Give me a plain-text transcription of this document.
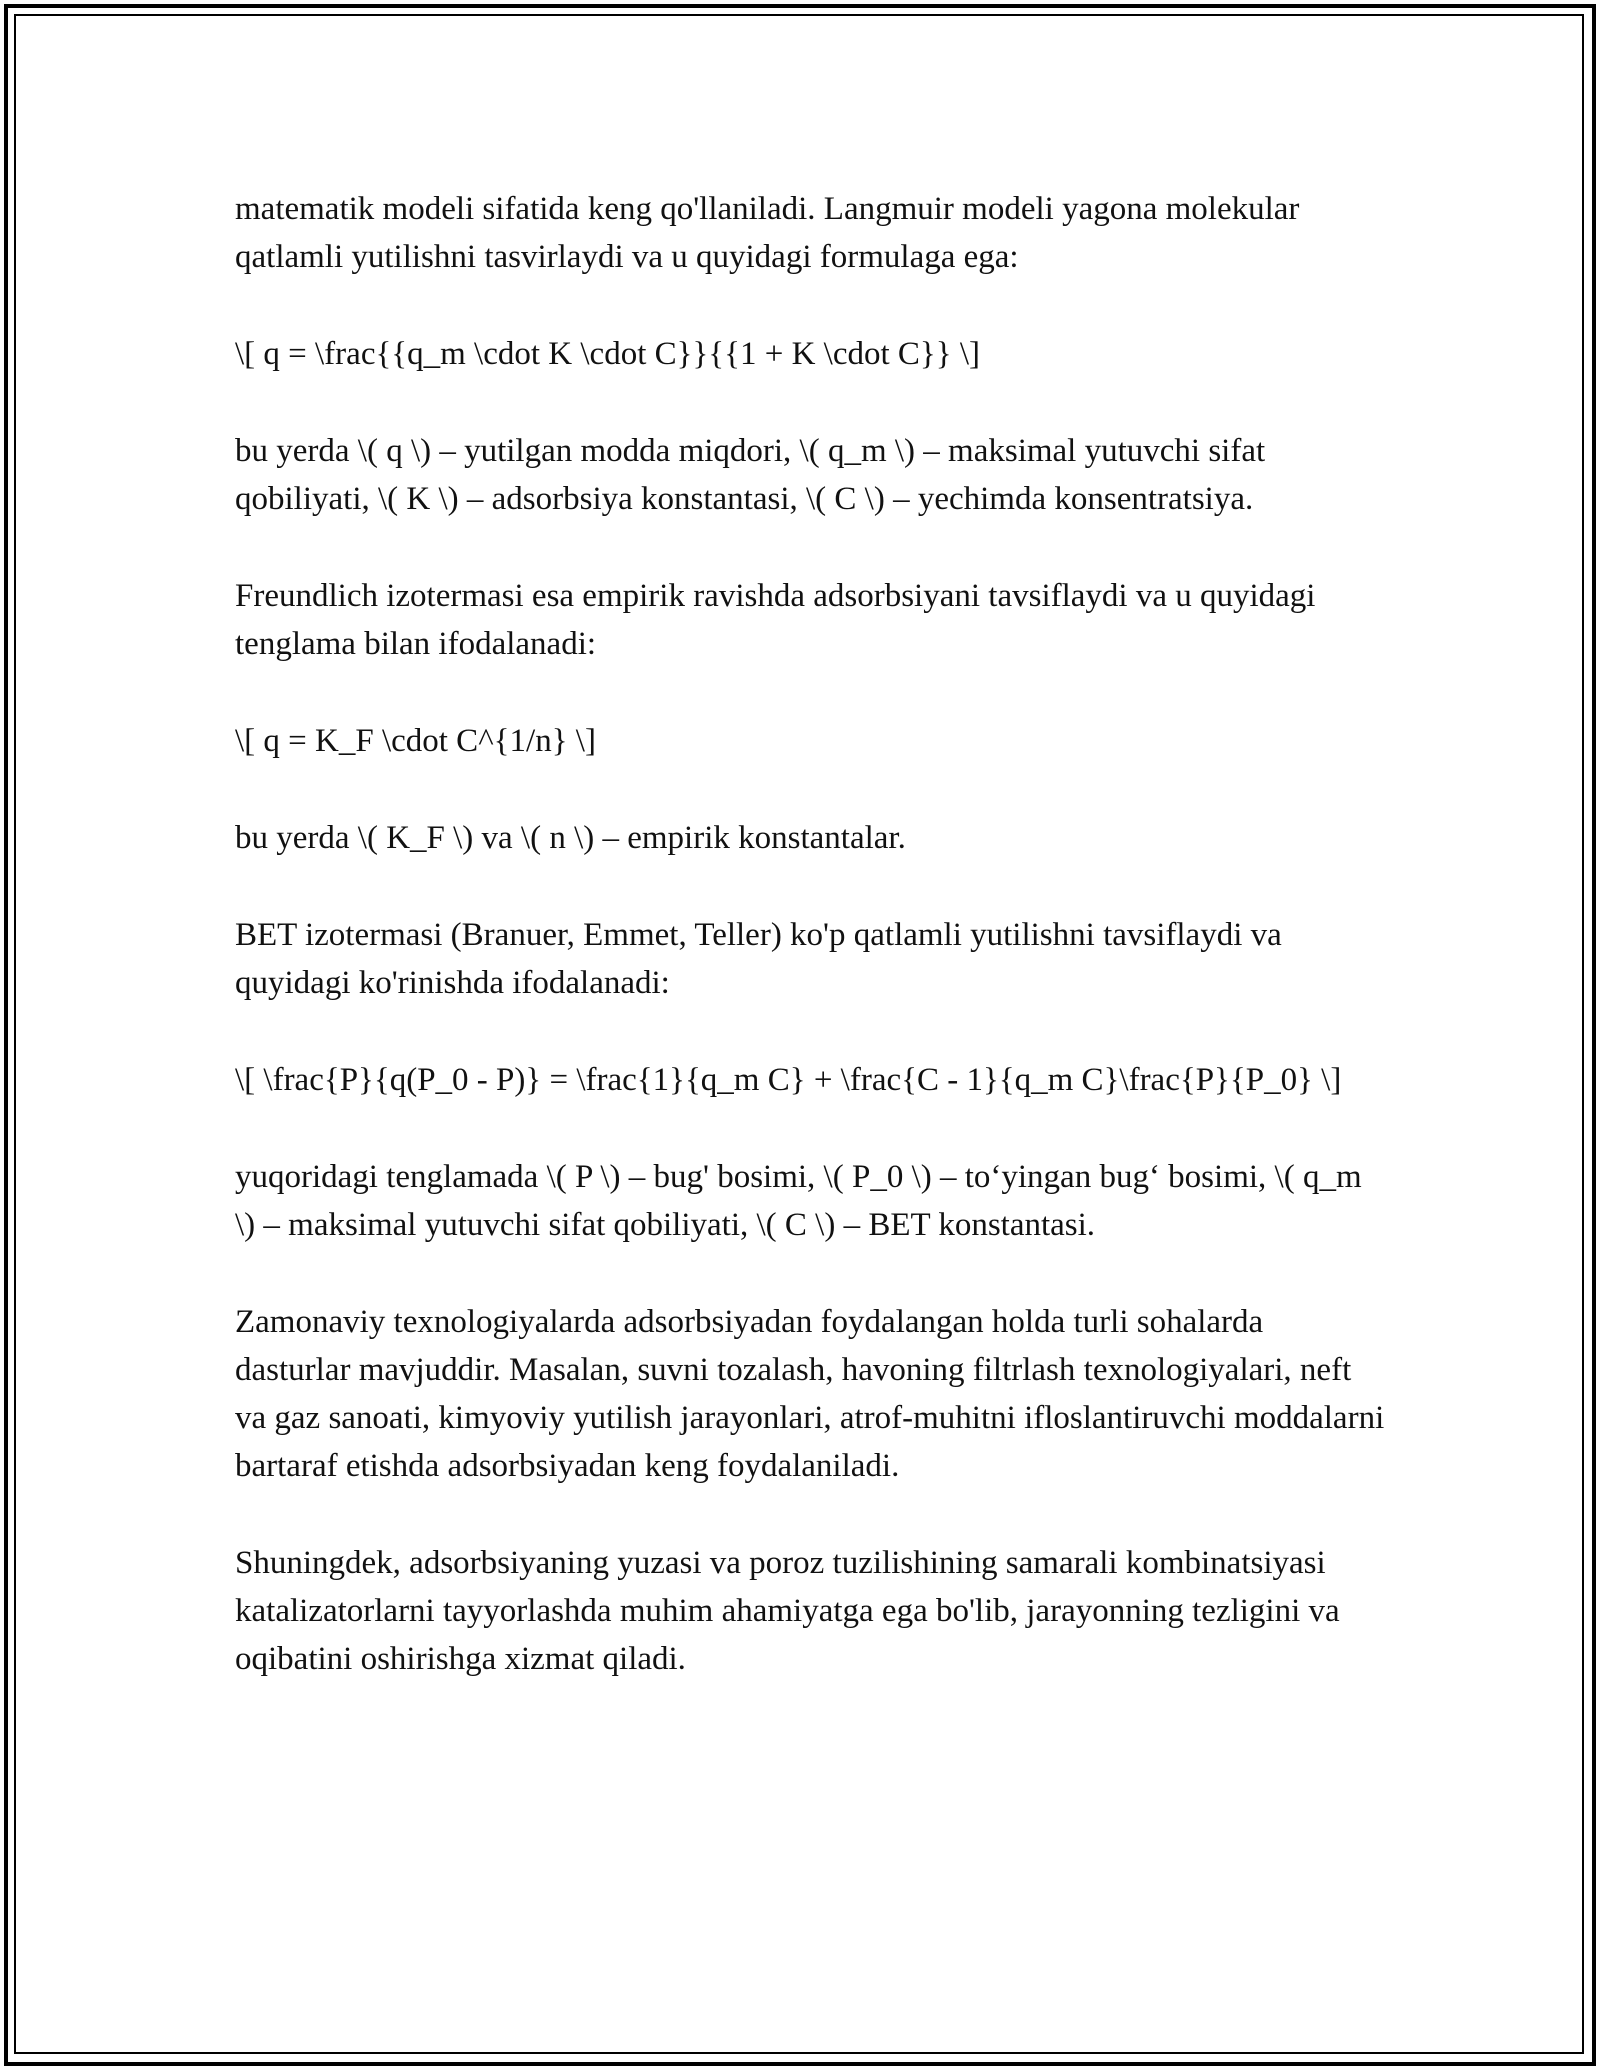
matematik modeli sifatida keng qo'llaniladi. Langmuir modeli yagona molekular qatlamli yutilishni tasvirlaydi va u quyidagi formulaga ega:

\[ q = \frac{{q_m \cdot K \cdot C}}{{1 + K \cdot C}} \]

bu yerda \( q \) – yutilgan modda miqdori, \( q_m \) – maksimal yutuvchi sifat qobiliyati, \( K \) – adsorbsiya konstantasi, \( C \) – yechimda konsentratsiya.

Freundlich izotermasi esa empirik ravishda adsorbsiyani tavsiflaydi va u quyidagi tenglama bilan ifodalanadi:

\[ q = K_F \cdot C^{1/n} \]

bu yerda \( K_F \) va \( n \) – empirik konstantalar.

BET izotermasi (Branuer, Emmet, Teller) ko'p qatlamli yutilishni tavsiflaydi va quyidagi ko'rinishda ifodalanadi:

\[ \frac{P}{q(P_0 - P)} = \frac{1}{q_m C} + \frac{C - 1}{q_m C}\frac{P}{P_0} \]

yuqoridagi tenglamada \( P \) – bug' bosimi, \( P_0 \) – to‘yingan bug‘ bosimi, \( q_m \) – maksimal yutuvchi sifat qobiliyati, \( C \) – BET konstantasi.

Zamonaviy texnologiyalarda adsorbsiyadan foydalangan holda turli sohalarda dasturlar mavjuddir. Masalan, suvni tozalash, havoning filtrlash texnologiyalari, neft va gaz sanoati, kimyoviy yutilish jarayonlari, atrof-muhitni ifloslantiruvchi moddalarni bartaraf etishda adsorbsiyadan keng foydalaniladi.

Shuningdek, adsorbsiyaning yuzasi va poroz tuzilishining samarali kombinatsiyasi katalizatorlarni tayyorlashda muhim ahamiyatga ega bo'lib, jarayonning tezligini va oqibatini oshirishga xizmat qiladi.
